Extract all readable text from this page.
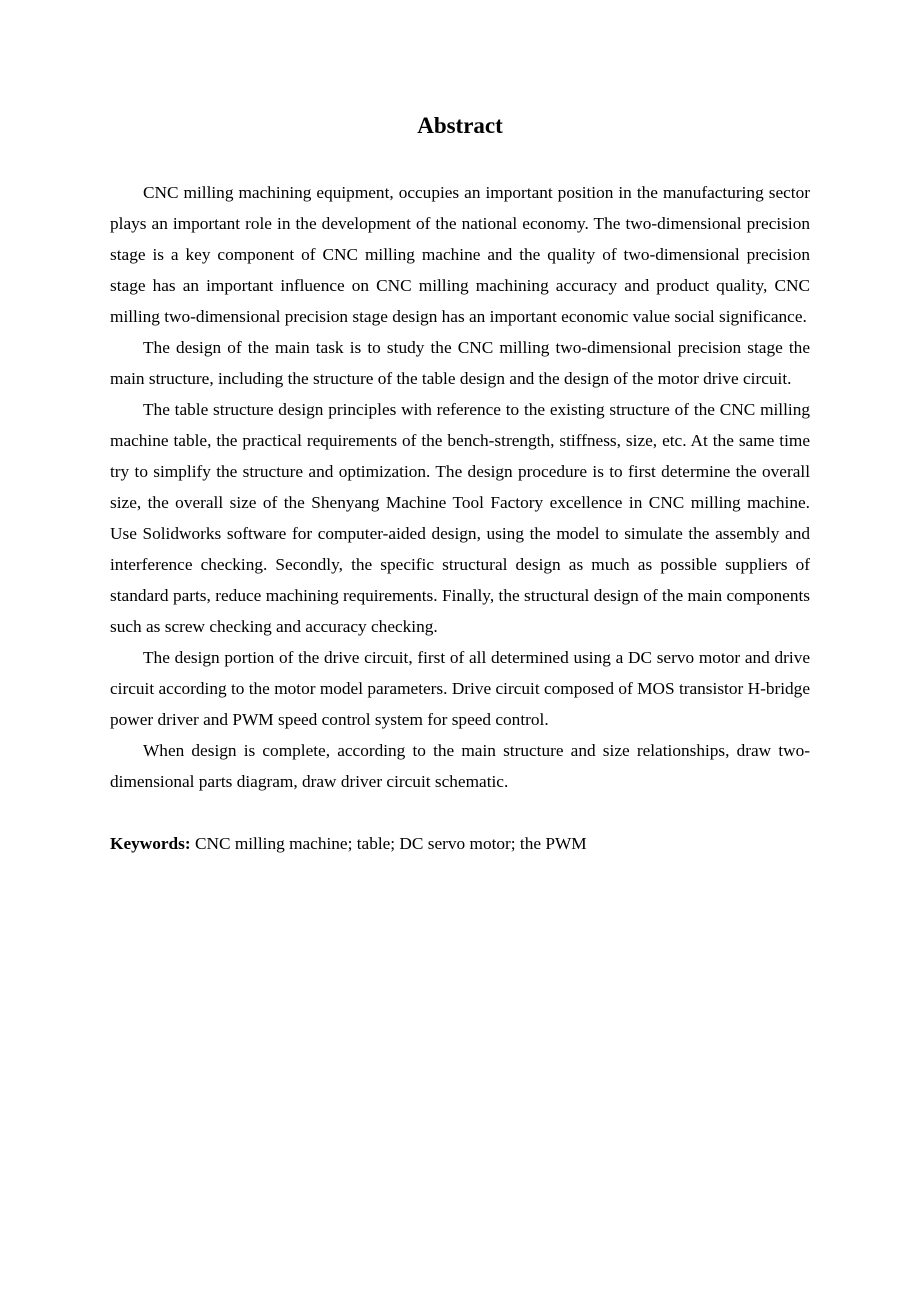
Abstract

CNC milling machining equipment, occupies an important position in the manufacturing sector plays an important role in the development of the national economy. The two-dimensional precision stage is a key component of CNC milling machine and the quality of two-dimensional precision stage has an important influence on CNC milling machining accuracy and product quality, CNC milling two-dimensional precision stage design has an important economic value social significance.

The design of the main task is to study the CNC milling two-dimensional precision stage the main structure, including the structure of the table design and the design of the motor drive circuit.

The table structure design principles with reference to the existing structure of the CNC milling machine table, the practical requirements of the bench-strength, stiffness, size, etc. At the same time try to simplify the structure and optimization. The design procedure is to first determine the overall size, the overall size of the Shenyang Machine Tool Factory excellence in CNC milling machine. Use Solidworks software for computer-aided design, using the model to simulate the assembly and interference checking. Secondly, the specific structural design as much as possible suppliers of standard parts, reduce machining requirements. Finally, the structural design of the main components such as screw checking and accuracy checking.

The design portion of the drive circuit, first of all determined using a DC servo motor and drive circuit according to the motor model parameters. Drive circuit composed of MOS transistor H-bridge power driver and PWM speed control system for speed control.

When design is complete, according to the main structure and size relationships, draw two-dimensional parts diagram, draw driver circuit schematic.

Keywords: CNC milling machine; table; DC servo motor; the PWM
